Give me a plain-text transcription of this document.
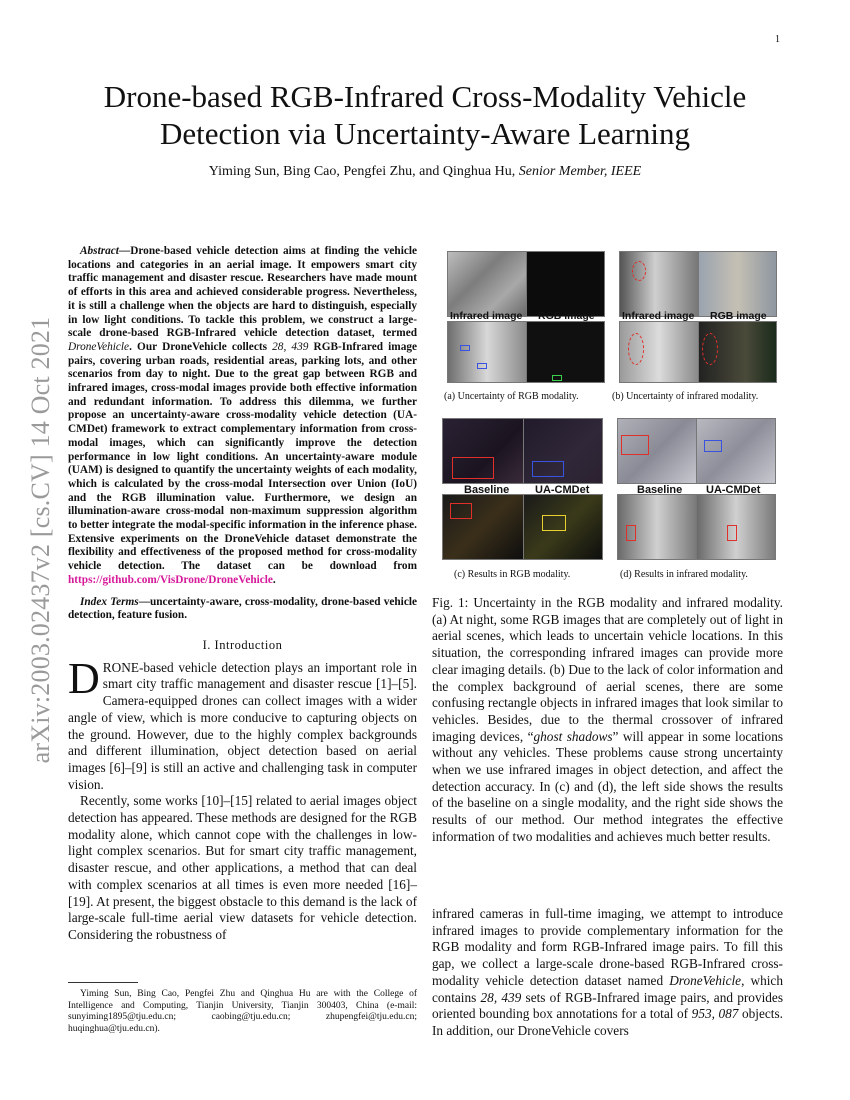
1
arXiv:2003.02437v2 [cs.CV] 14 Oct 2021
Drone-based RGB-Infrared Cross-Modality Vehicle Detection via Uncertainty-Aware Learning
Yiming Sun, Bing Cao, Pengfei Zhu, and Qinghua Hu, Senior Member, IEEE

Abstract—Drone-based vehicle detection aims at finding the vehicle locations and categories in an aerial image. It empowers smart city traffic management and disaster rescue. Researchers have made mount of efforts in this area and achieved considerable progress. Nevertheless, it is still a challenge when the objects are hard to distinguish, especially in low light conditions. To tackle this problem, we construct a large-scale drone-based RGB-Infrared vehicle detection dataset, termed DroneVehicle. Our DroneVehicle collects 28, 439 RGB-Infrared image pairs, covering urban roads, residential areas, parking lots, and other scenarios from day to night. Due to the great gap between RGB and infrared images, cross-modal images provide both effective information and redundant information. To address this dilemma, we further propose an uncertainty-aware cross-modality vehicle detection (UA-CMDet) framework to extract complementary information from cross-modal images, which can significantly improve the detection performance in low light conditions. An uncertainty-aware module (UAM) is designed to quantify the uncertainty weights of each modality, which is calculated by the cross-modal Intersection over Union (IoU) and the RGB illumination value. Furthermore, we design an illumination-aware cross-modal non-maximum suppression algorithm to better integrate the modal-specific information in the inference phase. Extensive experiments on the DroneVehicle dataset demonstrate the flexibility and effectiveness of the proposed method for cross-modality vehicle detection. The dataset can be download from https://github.com/VisDrone/DroneVehicle.

Index Terms—uncertainty-aware, cross-modality, drone-based vehicle detection, feature fusion.

I. Introduction

DRONE-based vehicle detection plays an important role in smart city traffic management and disaster rescue [1]–[5]. Camera-equipped drones can collect images with a wider angle of view, which is more conducive to capturing objects on the ground. However, due to the highly complex backgrounds and different illumination, object detection based on aerial images [6]–[9] is still an active and challenging task in computer vision.

Recently, some works [10]–[15] related to aerial images object detection has appeared. These methods are designed for the RGB modality alone, which cannot cope with the challenges in low-light complex scenarios. But for smart city traffic management, disaster rescue, and other applications, a method that can deal with complex scenarios at all times is even more needed [16]–[19]. At present, the biggest obstacle to this demand is the lack of large-scale full-time aerial view datasets for vehicle detection. Considering the robustness of

Yiming Sun, Bing Cao, Pengfei Zhu and Qinghua Hu are with the College of Intelligence and Computing, Tianjin University, Tianjin 300403, China (e-mail: sunyiming1895@tju.edu.cn; caobing@tju.edu.cn; zhupengfei@tju.edu.cn; huqinghua@tju.edu.cn).
Infrared image RGB image	Infrared image RGB image
(a) Uncertainty of RGB modality.	(b) Uncertainty of infrared modality.
Baseline UA-CMDet	Baseline UA-CMDet
(c) Results in RGB modality.	(d) Results in infrared modality.

Fig. 1: Uncertainty in the RGB modality and infrared modality. (a) At night, some RGB images that are completely out of light in aerial scenes, which leads to uncertain vehicle locations. In this situation, the corresponding infrared images can provide more clear imaging details. (b) Due to the lack of color information and the complex background of aerial scenes, there are some confusing rectangle objects in infrared images that look similar to vehicles. Besides, due to the thermal crossover of infrared imaging devices, “ghost shadows” will appear in some locations without any vehicles. These problems cause strong uncertainty when we use infrared images in object detection, and affect the detection accuracy. In (c) and (d), the left side shows the results of the baseline on a single modality, and the right side shows the results of our method. Our method integrates the effective information of two modalities and achieves much better results.

infrared cameras in full-time imaging, we attempt to introduce infrared images to provide complementary information for the RGB modality and form RGB-Infrared image pairs. To fill this gap, we collect a large-scale drone-based RGB-Infrared cross-modality vehicle detection dataset named DroneVehicle, which contains 28, 439 sets of RGB-Infrared image pairs, and provides oriented bounding box annotations for a total of 953, 087 objects. In addition, our DroneVehicle covers
